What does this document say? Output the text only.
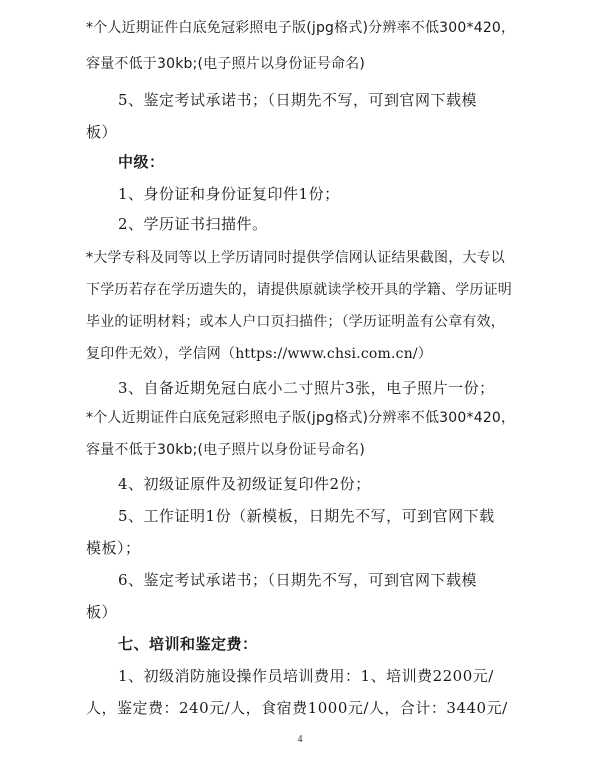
*个人近期证件白底免冠彩照电子版(jpg格式)分辨率不低300*420，
容量不低于30kb;(电子照片以身份证号命名)
5、鉴定考试承诺书；（日期先不写，可到官网下载模
板）
中级：
1、身份证和身份证复印件1份；
2、学历证书扫描件。
*大学专科及同等以上学历请同时提供学信网认证结果截图，大专以
下学历若存在学历遗失的，请提供原就读学校开具的学籍、学历证明
毕业的证明材料；或本人户口页扫描件；（学历证明盖有公章有效，
复印件无效），学信网（https://www.chsi.com.cn/）
3、自备近期免冠白底小二寸照片3张，电子照片一份；
*个人近期证件白底免冠彩照电子版(jpg格式)分辨率不低300*420，
容量不低于30kb;(电子照片以身份证号命名)
4、初级证原件及初级证复印件2份；
5、工作证明1份（新模板，日期先不写，可到官网下载
模板）；
6、鉴定考试承诺书；（日期先不写，可到官网下载模
板）
七、培训和鉴定费：
1、初级消防施设操作员培训费用：1、培训费2200元/
人，鉴定费：240元/人，食宿费1000元/人，合计：3440元/
4
